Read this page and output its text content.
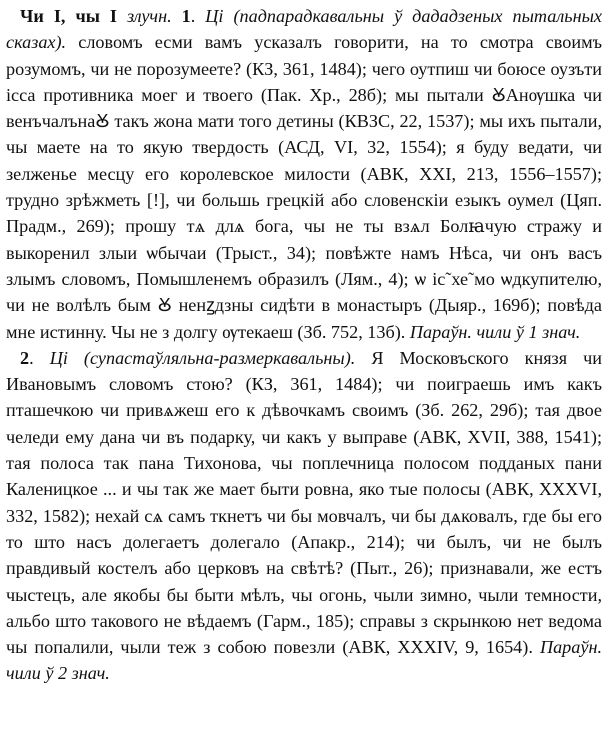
Чи I, чы I злучн. 1. Ці (падпарадкавальны ў дададзеных пытальных сказах). словомъ есми вамъ усказалъ говорити, на то смотра своимъ розумомъ, чи не порозумеете? (КЗ, 361, 1484); чего оутпиш чи боюсе оузъти ісса противника моег и твоего (Пак. Хр., 28б); мы пытали ꙊАнѹшка чи венъчалънаꙊ такъ жона мати того детины (КВЗС, 22, 1537); мы ихъ пытали, чы маете на то якую твердость (АСД, VI, 32, 1554); я буду ведати, чи зелженье месцу его королевское милости (АВК, XXI, 213, 1556–1557); трудно зрѣжметь [!], чи большь грецкій або словенскіи езыкъ оумел (Цяп. Прадм., 269); прошу тѧ длѧ бога, чы не ты взѧл Болꙗчую стражу и выкоренил злыи ѡбычаи (Трыст., 34); повѣжте намъ Нѣса, чи онъ васъ злымъ словомъ, Помышленемъ образилъ (Лям., 4); ѡ іс̃ хе̃ мо ѡдкупителю, чи не волѣлъ бым Ꙋ ненꙁдзны сидѣти в монастыръ (Дыяр., 169б); повѣда мне истинну. Чы не з долгу ѹтекаеш (Зб. 752, 13б). Параўн. чили ў 1 знач.

2. Ці (супастаўляльна-размеркавальны). Я Московъского князя чи Ивановымъ словомъ стою? (КЗ, 361, 1484); чи поиграешь имъ какъ пташечкою чи привѧжеш его к дѣвочкамъ своимъ (Зб. 262, 29б); тая двое челеди ему дана чи въ подарку, чи какъ у выправе (АВК, XVII, 388, 1541); тая полоса так пана Тихонова, чы поплечница полосом подданых пани Каленицкое ... и чы так же мает быти ровна, яко тые полосы (АВК, XXXVI, 332, 1582); нехай сѧ самъ ткнетъ чи бы мовчалъ, чи бы дѧковалъ, где бы его то што насъ долегаетъ долегало (Апакр., 214); чи былъ, чи не былъ правдивый костелъ або церковъ на свѣтѣ? (Пыт., 26); признавали, же естъ чыстецъ, але якобы бы быти мѣлъ, чы огонь, чыли зимно, чыли темности, альбо што такового не вѣдаемъ (Гарм., 185); справы з скрынкою нет ведома чы попалили, чыли теж з собою повезли (АВК, XXXIV, 9, 1654). Параўн. чили ў 2 знач.
